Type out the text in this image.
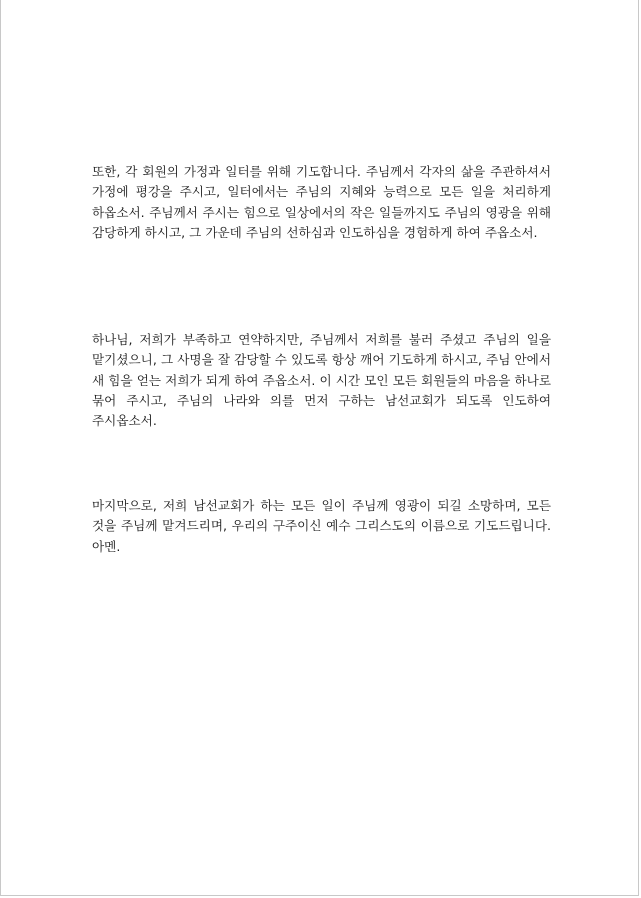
또한, 각 회원의 가정과 일터를 위해 기도합니다. 주님께서 각자의 삶을 주관하셔서 가정에 평강을 주시고, 일터에서는 주님의 지혜와 능력으로 모든 일을 처리하게 하옵소서. 주님께서 주시는 힘으로 일상에서의 작은 일들까지도 주님의 영광을 위해 감당하게 하시고, 그 가운데 주님의 선하심과 인도하심을 경험하게 하여 주옵소서.

하나님, 저희가 부족하고 연약하지만, 주님께서 저희를 불러 주셨고 주님의 일을 맡기셨으니, 그 사명을 잘 감당할 수 있도록 항상 깨어 기도하게 하시고, 주님 안에서 새 힘을 얻는 저희가 되게 하여 주옵소서. 이 시간 모인 모든 회원들의 마음을 하나로 묶어 주시고, 주님의 나라와 의를 먼저 구하는 남선교회가 되도록 인도하여 주시옵소서.

마지막으로, 저희 남선교회가 하는 모든 일이 주님께 영광이 되길 소망하며, 모든 것을 주님께 맡겨드리며, 우리의 구주이신 예수 그리스도의 이름으로 기도드립니다. 아멘.
